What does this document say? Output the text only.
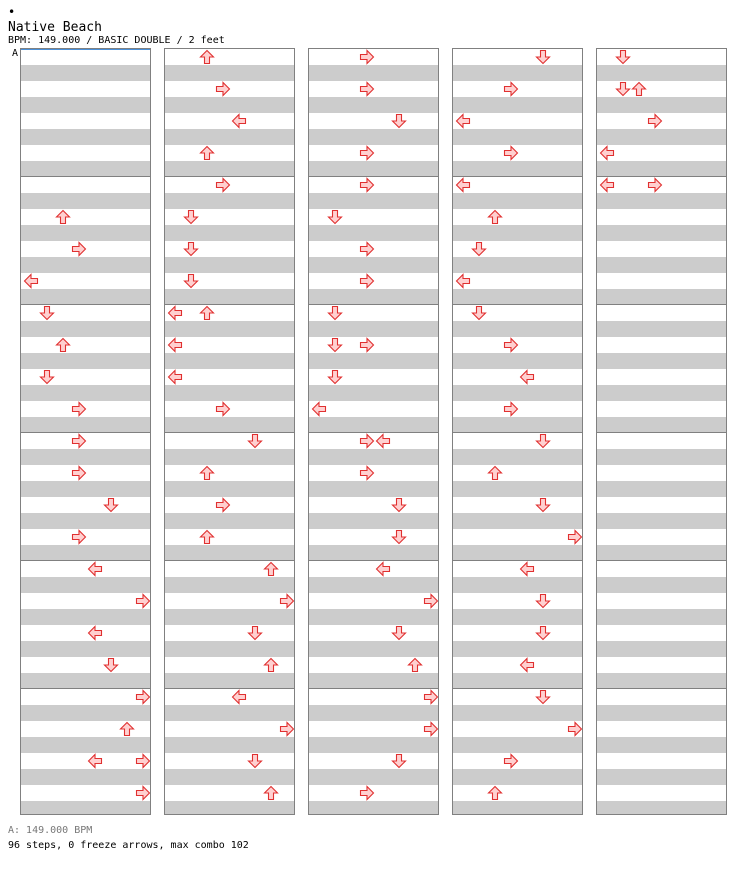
•
Native Beach
BPM: 149.000 / BASIC DOUBLE / 2 feet
A
A: 149.000 BPM
96 steps, 0 freeze arrows, max combo 102
